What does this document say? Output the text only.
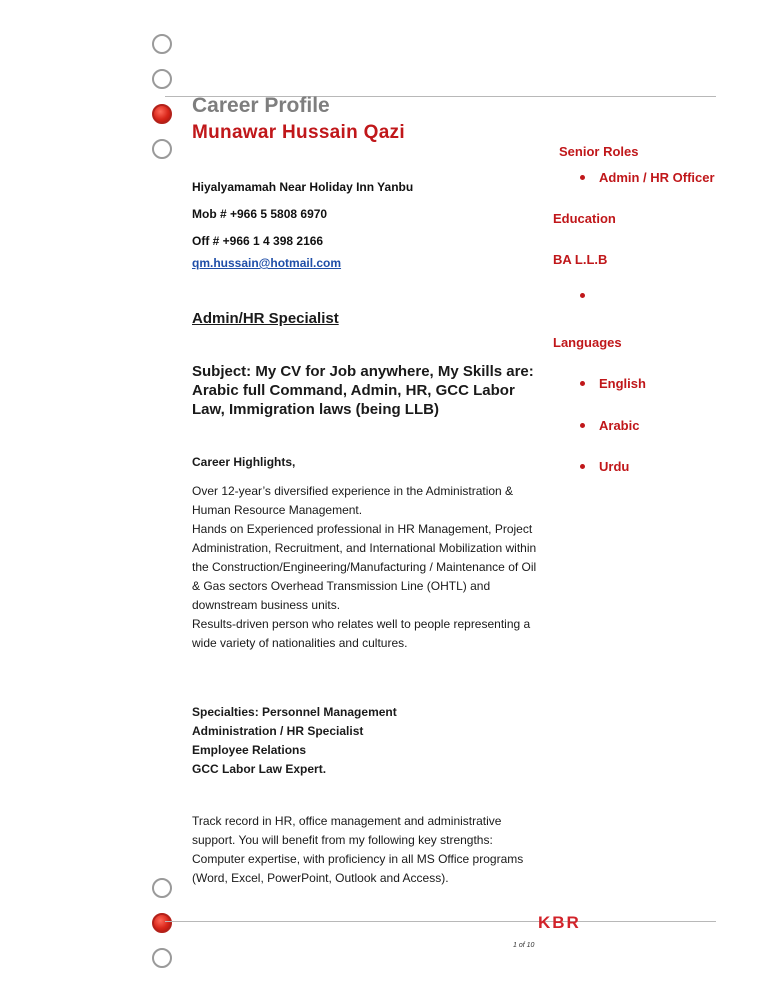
Career Profile
Munawar Hussain Qazi
Hiyalyamamah Near Holiday Inn Yanbu
Mob # +966 5 5808 6970
Off # +966 1 4 398 2166
qm.hussain@hotmail.com
Admin/HR Specialist
Subject: My CV for Job anywhere, My Skills are: Arabic full Command, Admin, HR, GCC Labor Law, Immigration laws (being LLB)
Career Highlights,
Over 12-year’s diversified experience in the Administration & Human Resource Management.
Hands on Experienced professional in HR Management, Project Administration, Recruitment, and International Mobilization within the Construction/Engineering/Manufacturing / Maintenance of Oil & Gas sectors Overhead Transmission Line (OHTL) and downstream business units.
Results-driven person who relates well to people representing a wide variety of nationalities and cultures.
Specialties: Personnel Management
Administration / HR Specialist
Employee Relations
GCC Labor Law Expert.
Track record in HR, office management and administrative support. You will benefit from my following key strengths: Computer expertise, with proficiency in all MS Office programs (Word, Excel, PowerPoint, Outlook and Access).
Senior Roles
Admin / HR Officer
Education
BA L.L.B
Languages
English
Arabic
Urdu
KBR
1 of 10
